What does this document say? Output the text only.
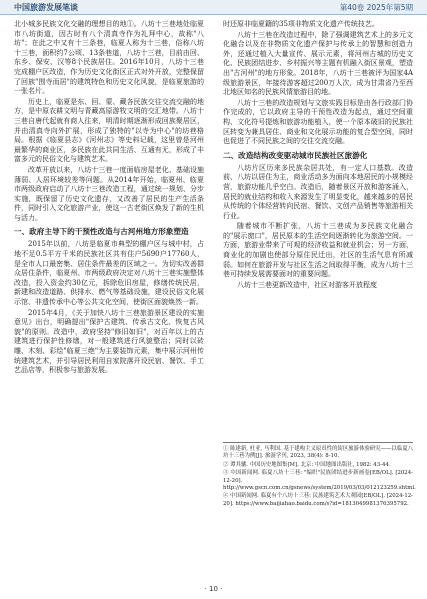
中国旅游发展笔谈	第40卷 2025年第5期

北小城多民族文化交融的理想目的地①。八坊十三巷地处临夏市八坊街道，因古时有八个清真寺作为礼拜中心，故称"八坊"；在此之中又有十三条巷，临夏人称为十三巷，俗称八坊十三巷，面积约7公顷、13条巷道，八坊十三巷，目前由回、东乡、保安、汉等8个民族居住。2016年10月，八坊十三巷完成棚户区改造，作为历史文化街区正式对外开放，完整保留了回族"围寺而居"的建筑特色和历史文化风貌，是临夏旅游的一张名片。

历史上，临夏是东、回、蒙、藏各民族交往交流交融的地方，是中原农耕文明与青藏高原游牧文明的交汇地带。八坊十三巷自唐代起就有商人往来，明清时期逐渐形成回族聚居区，并由清真寺向外扩展，形成了独特的"以寺为中心"的坊巷格局。根据《临夏县志》《河州志》等史料记载，这里曾是河州最繁华的商业区，多民族在此共同生活、互通有无，形成了丰富多元的民俗文化与建筑艺术。

改革开放以来，八坊十三巷一度面临房屋老化、基础设施薄弱、人居环境较差等问题。从2014年开始，临夏州、临夏市两级政府启动了八坊十三巷改造工程，通过统一规划、分步实施，既保留了历史文化遗存，又改善了居民的生产生活条件，同时引入文化旅游产业，使这一古老街区焕发了新的生机与活力。

一、政府主导下的干预性改造与古河州地方形象塑造

2015年以前，八坊是临夏市典型的棚户区与城中村，占地不足0.5平方千米的民族社区共有住户5690户17760人，是全市人口最密集、居住条件最差的区域之一。为切实改善群众居住条件，临夏州、市两级政府决定对八坊十三巷实施整体改造，投入资金约30亿元，拆除危旧房屋，修缮传统民居，新建和改造道路、供排水、燃气等基础设施，建设民俗文化展示馆、非遗传承中心等公共文化空间，使街区面貌焕然一新。

2015年4月，《关于加快八坊十三巷旅游景区建设的实施意见》出台，明确提出"保护古建筑、传承古文化、恢复古风貌"的原则。改造中，政府坚持"修旧如旧"，对百年以上的古建筑进行保护性修缮，对一般建筑进行风貌整治；同时以砖雕、木刻、彩绘"临夏三绝"为主要装饰元素，集中展示河州传统建筑艺术，并引导居民利用自家院落开设民宿、餐饮、手工艺品店等，积极参与旅游发展。

时还原非临夏籍的35项非物质文化遗产传统技艺。

八坊十三巷在改造过程中，除了强调建筑艺术上的多元文化融合以及在非物质文化遗产保护与传承上的智慧和创造力外，还通过植入大量宣传、展示元素，将河州古城的历史文化、民族团结进步、乡村振兴等主题有机融入街区景观，塑造出"古河州"的地方形象。2018年，八坊十三巷被评为国家4A级旅游景区，年接待游客超过200万人次，成为甘肃省乃至西北地区知名的民族风情旅游目的地。

八坊十三巷的改造规划与文旅实践目标是由各行政部门协作完成的，它以政府主导的干预性改造为起点，通过空间重构、文化符号提炼和旅游功能植入，使一个原本破旧的民族社区转变为兼具居住、商业和文化展示功能的复合型空间，同时也促进了不同民族之间的交往交流交融。

二、改造结构改变驱动城市民族社区旅游化

八坊片区历来多民族杂居共处，有一定人口基数。改造前，八坊以居住为主，商业活动多为面向本地居民的小规模经营，旅游功能几乎空白。改造后，随着景区开放和游客涌入，居民的就业结构和收入来源发生了明显变化，越来越多的居民从传统的个体经营转向民宿、餐饮、文创产品销售等旅游相关行业。

随着城市不断扩张，八坊十三巷成为多民族文化融合的"展示窗口"，居民原本的生活空间逐渐转化为旅游空间。一方面，旅游业带来了可观的经济收益和就业机会；另一方面，商业化的加剧也使部分原住民迁出，社区的生活气息有所减弱。如何在旅游开发与社区生活之间取得平衡，成为八坊十三巷可持续发展需要面对的重要问题。

八坊十三巷更新改造中，社区对游客开放程度

① 陈建新, 杜亚, 马利国. 基于建构主义原真性的街区旅游体验研究——以临夏八坊十三巷为例[J]. 旅游学刊, 2023, 38(4): 8-10.
② 谭其骧. 中国历史地图集[M]. 北京: 中国地图出版社, 1982: 43-44.
③ 中国新闻网. 临夏八坊十三巷: "编织"民族团结进步新画卷[EB/OL]. [2024-12-20]. http://www.gscn.com.cn/gsnews/system/2019/03/03/012123259.shtml.
④ 中国新闻网. 临夏有个八坊十三巷: 民族建筑艺术大观园[EB/OL]. [2024-12-20]. https://www.baijiahao.baidu.com/s?id=1813049981376395792.
· 10 ·
